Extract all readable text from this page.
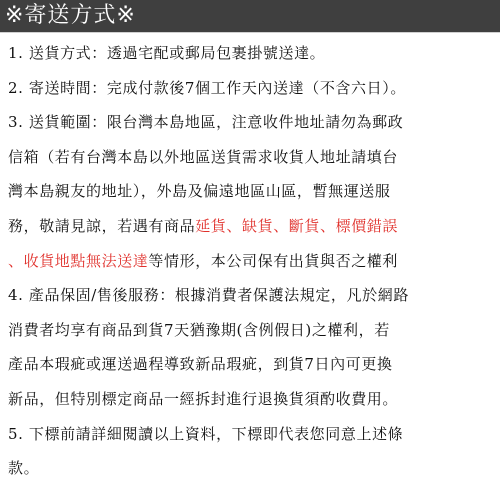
※寄送方式※
1. 送貨方式：透過宅配或郵局包裹掛號送達。
2. 寄送時間：完成付款後7個工作天內送達（不含六日）。
3. 送貨範圍：限台灣本島地區，注意收件地址請勿為郵政
信箱（若有台灣本島以外地區送貨需求收貨人地址請填台
灣本島親友的地址），外島及偏遠地區山區，暫無運送服
務，敬請見諒，若遇有商品延貨、缺貨、斷貨、標價錯誤
、收貨地點無法送達等情形，本公司保有出貨與否之權利
4. 產品保固/售後服務：根據消費者保護法規定，凡於網路
消費者均享有商品到貨7天猶豫期(含例假日)之權利，若
產品本瑕疵或運送過程導致新品瑕疵，到貨7日內可更換
新品，但特別標定商品一經拆封進行退換貨須酌收費用。
5. 下標前請詳細閱讀以上資料，下標即代表您同意上述條
款。
